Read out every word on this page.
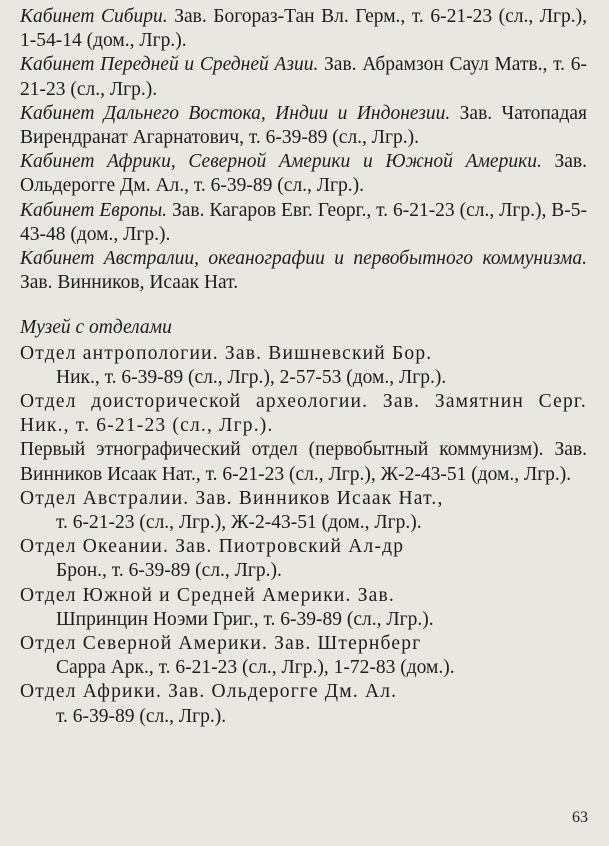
Кабинет Сибири. Зав. Богораз-Тан Вл. Герм., т. 6-21-23 (сл., Лгр.), 1-54-14 (дом., Лгр.).
Кабинет Передней и Средней Азии. Зав. Абрамзон Саул Матв., т. 6-21-23 (сл., Лгр.).
Кабинет Дальнего Востока, Индии и Индонезии. Зав. Чатопадая Вирендранат Агарнатович, т. 6-39-89 (сл., Лгр.).
Кабинет Африки, Северной Америки и Южной Америки. Зав. Ольдерогге Дм. Ал., т. 6-39-89 (сл., Лгр.).
Кабинет Европы. Зав. Кагаров Евг. Георг., т. 6-21-23 (сл., Лгр.), В-5-43-48 (дом., Лгр.).
Кабинет Австралии, океанографии и первобытного коммунизма. Зав. Винников, Исаак Нат.
Музей с отделами
Отдел антропологии. Зав. Вишневский Бор.
Ник., т. 6-39-89 (сл., Лгр.), 2-57-53 (дом., Лгр.).
Отдел доисторической археологии. Зав. Замятнин Серг. Ник., т. 6-21-23 (сл., Лгр.).
Первый этнографический отдел (первобытный коммунизм). Зав. Винников Исаак Нат., т. 6-21-23 (сл., Лгр.), Ж-2-43-51 (дом., Лгр.).
Отдел Австралии. Зав. Винников Исаак Нат.,
т. 6-21-23 (сл., Лгр.), Ж-2-43-51 (дом., Лгр.).
Отдел Океании. Зав. Пиотровский Ал-др
Брон., т. 6-39-89 (сл., Лгр.).
Отдел Южной и Средней Америки. Зав.
Шпринцин Ноэми Григ., т. 6-39-89 (сл., Лгр.).
Отдел Северной Америки. Зав. Штернберг
Сарра Арк., т. 6-21-23 (сл., Лгр.), 1-72-83 (дом.).
Отдел Африки. Зав. Ольдерогге Дм. Ал.
т. 6-39-89 (сл., Лгр.).
63
